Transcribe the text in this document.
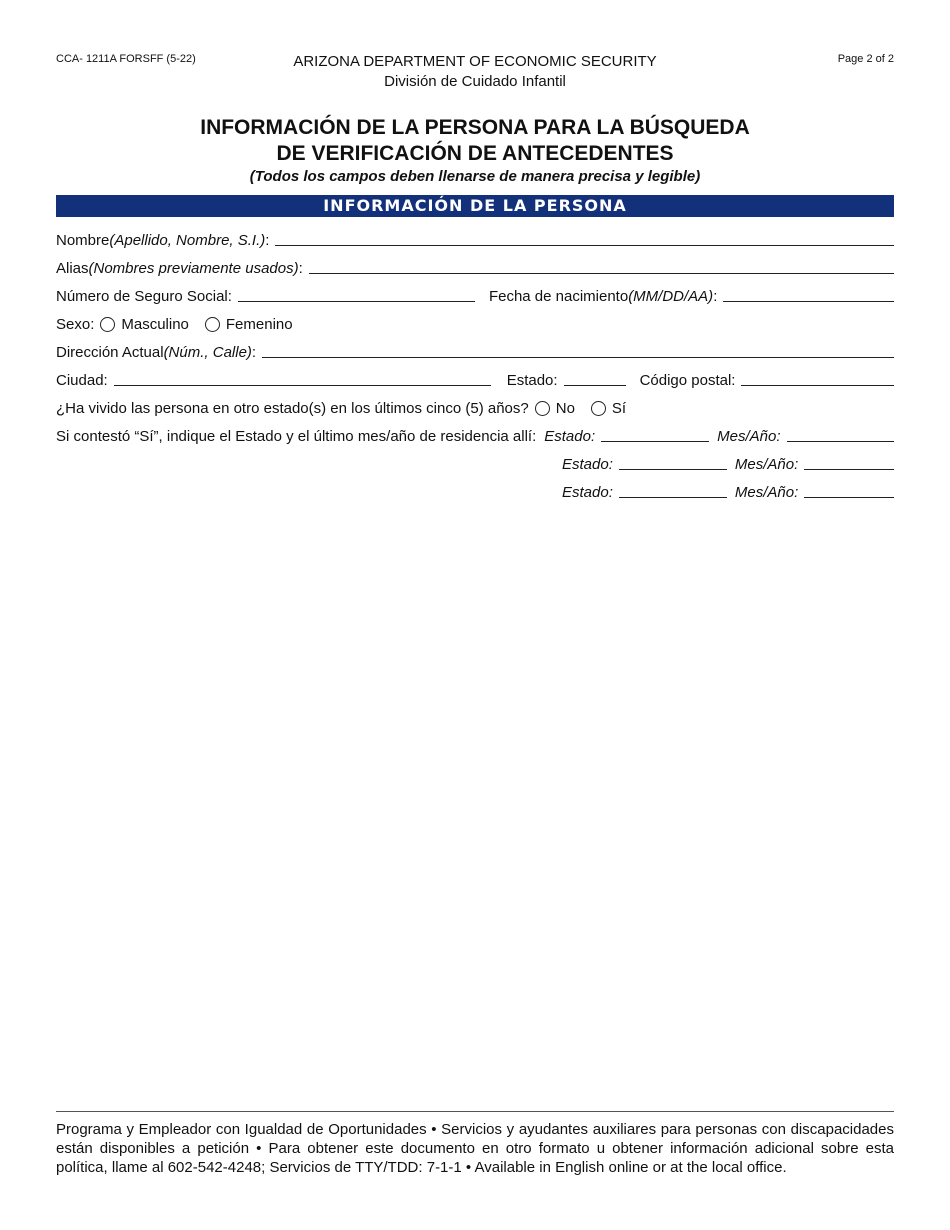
CCA- 1211A FORSFF (5-22)	Page 2 of 2
ARIZONA DEPARTMENT OF ECONOMIC SECURITY
División de Cuidado Infantil
INFORMACIÓN DE LA PERSONA PARA LA BÚSQUEDA
DE VERIFICACIÓN DE ANTECEDENTES
(Todos los campos deben llenarse de manera precisa y legible)
INFORMACIÓN DE LA PERSONA
Nombre (Apellido, Nombre, S.I.) :
Alias (Nombres previamente usados) :
Número de Seguro Social:	Fecha de nacimiento (MM/DD/AA) :
Sexo: Masculino Femenino
Dirección Actual (Núm., Calle) :
Ciudad:	Estado:	Código postal:
¿Ha vivido las persona en otro estado(s) en los últimos cinco (5) años? No Sí
Si contestó “Sí”, indique el Estado y el último mes/año de residencia allí: Estado:	Mes/Año:
Estado:	Mes/Año:
Estado:	Mes/Año:
Programa y Empleador con Igualdad de Oportunidades • Servicios y ayudantes auxiliares para personas con discapacidades están disponibles a petición • Para obtener este documento en otro formato u obtener información adicional sobre esta política, llame al 602-542-4248; Servicios de TTY/TDD: 7-1-1 • Available in English online or at the local office.
